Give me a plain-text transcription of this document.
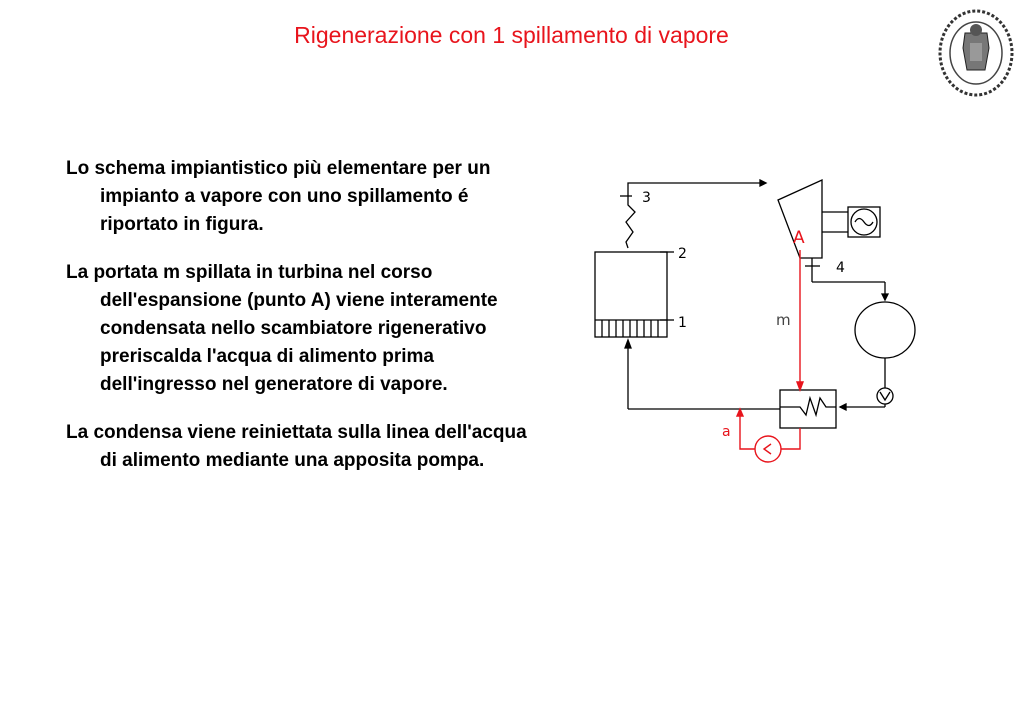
Rigenerazione con 1 spillamento di vapore

Lo schema impiantistico più elementare per un impianto a vapore con uno spillamento é riportato in figura.

La portata m spillata in turbina nel corso dell'espansione (punto A) viene interamente condensata nello scambiatore rigenerativo preriscalda l'acqua di alimento prima dell'ingresso nel generatore di vapore.

La condensa viene reiniettata sulla linea dell'acqua di alimento mediante una apposita pompa.

3
2
1
4
A
m
a
